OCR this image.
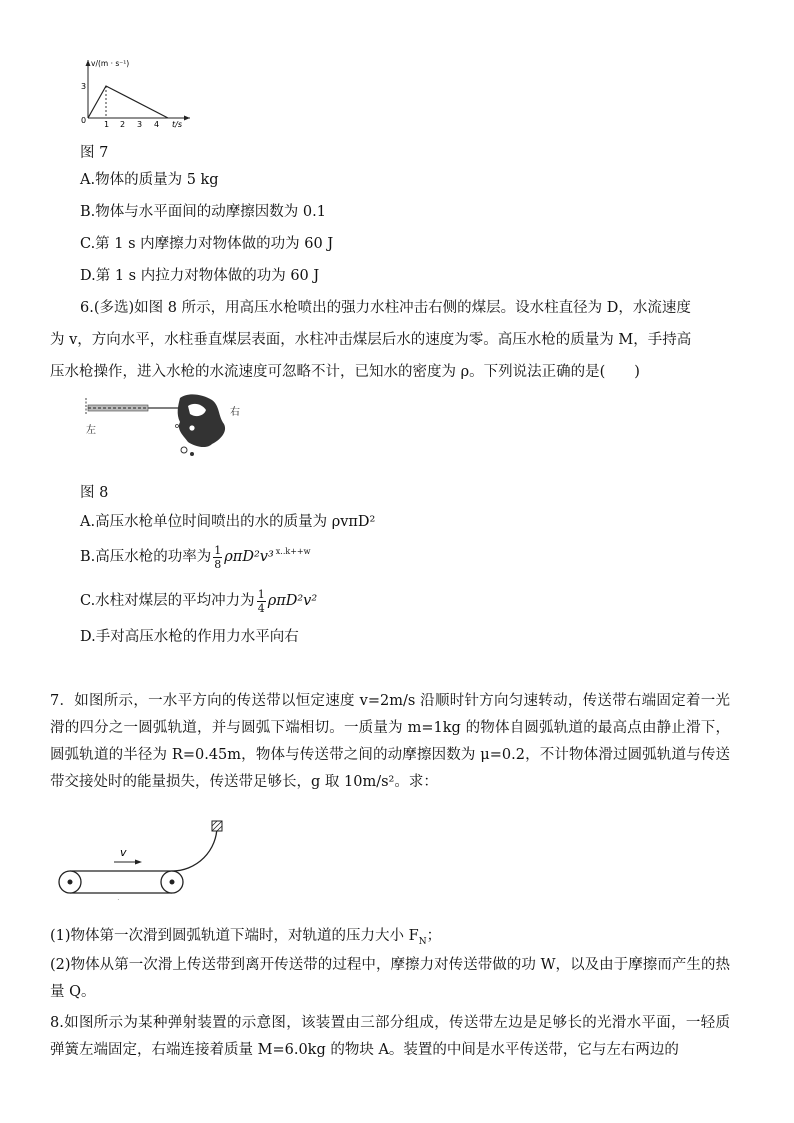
v/(m · s⁻¹)
3
0 1 2 3 4 t/s
图 7
A.物体的质量为 5 kg
B.物体与水平面间的动摩擦因数为 0.1
C.第 1 s 内摩擦力对物体做的功为 60 J
D.第 1 s 内拉力对物体做的功为 60 J
6.(多选)如图 8 所示，用高压水枪喷出的强力水柱冲击右侧的煤层。设水柱直径为 D，水流速度
为 v，方向水平，水柱垂直煤层表面，水柱冲击煤层后水的速度为零。高压水枪的质量为 M，手持高
压水枪操作，进入水枪的水流速度可忽略不计，已知水的密度为 ρ。下列说法正确的是(　　)
左
右
图 8
A.高压水枪单位时间喷出的水的质量为 ρvπD²
B.高压水枪的功率为 $\frac{1}{8} \rho\pi D^2v^3$ x..k++w
C.水柱对煤层的平均冲力为 $\frac{1}{4} \rho\pi D^2v^2$
D.手对高压水枪的作用力水平向右
7．如图所示，一水平方向的传送带以恒定速度 v=2m/s 沿顺时针方向匀速转动，传送带右端固定着一光滑的四分之一圆弧轨道，并与圆弧下端相切。一质量为 m=1kg 的物体自圆弧轨道的最高点由静止滑下，圆弧轨道的半径为 R=0.45m，物体与传送带之间的动摩擦因数为 μ=0.2，不计物体滑过圆弧轨道与传送带交接处时的能量损失，传送带足够长，g 取 10m/s²。求：
v
(1)物体第一次滑到圆弧轨道下端时，对轨道的压力大小 $F_N$；
(2)物体从第一次滑上传送带到离开传送带的过程中，摩擦力对传送带做的功 W，以及由于摩擦而产生的热量 Q。
8.如图所示为某种弹射装置的示意图，该装置由三部分组成，传送带左边是足够长的光滑水平面，一轻质弹簧左端固定，右端连接着质量 M=6.0kg 的物块 A。装置的中间是水平传送带，它与左右两边的
